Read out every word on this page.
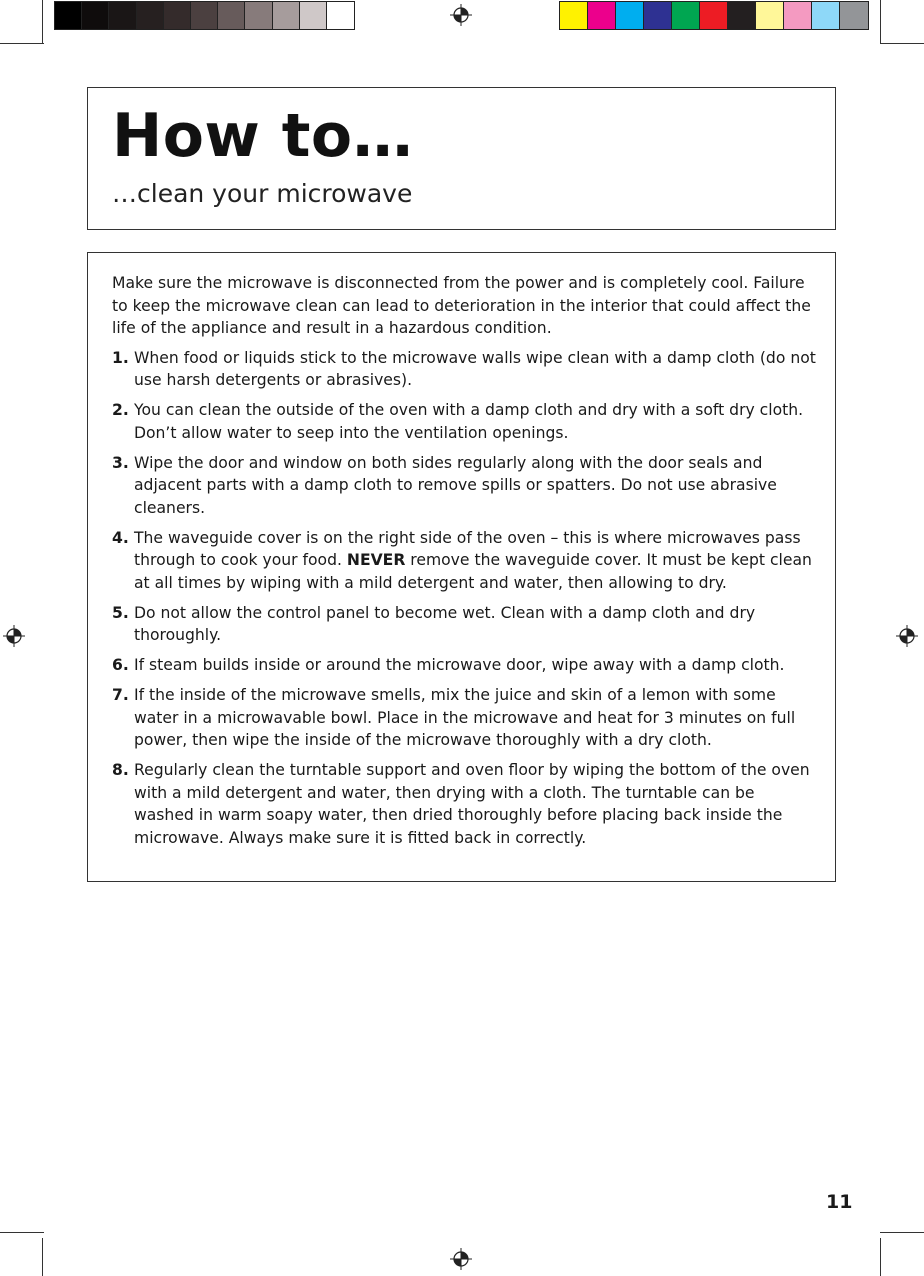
How to…
…clean your microwave

Make sure the microwave is disconnected from the power and is completely cool. Failure to keep the microwave clean can lead to deterioration in the interior that could affect the life of the appliance and result in a hazardous condition.

1. When food or liquids stick to the microwave walls wipe clean with a damp cloth (do not use harsh detergents or abrasives).
2. You can clean the outside of the oven with a damp cloth and dry with a soft dry cloth. Don’t allow water to seep into the ventilation openings.
3. Wipe the door and window on both sides regularly along with the door seals and adjacent parts with a damp cloth to remove spills or spatters. Do not use abrasive cleaners.
4. The waveguide cover is on the right side of the oven – this is where microwaves pass through to cook your food. NEVER remove the waveguide cover. It must be kept clean at all times by wiping with a mild detergent and water, then allowing to dry.
5. Do not allow the control panel to become wet. Clean with a damp cloth and dry thoroughly.
6. If steam builds inside or around the microwave door, wipe away with a damp cloth.
7. If the inside of the microwave smells, mix the juice and skin of a lemon with some water in a microwavable bowl. Place in the microwave and heat for 3 minutes on full power, then wipe the inside of the microwave thoroughly with a dry cloth.
8. Regularly clean the turntable support and oven floor by wiping the bottom of the oven with a mild detergent and water, then drying with a cloth. The turntable can be washed in warm soapy water, then dried thoroughly before placing back inside the microwave. Always make sure it is fitted back in correctly.
11
